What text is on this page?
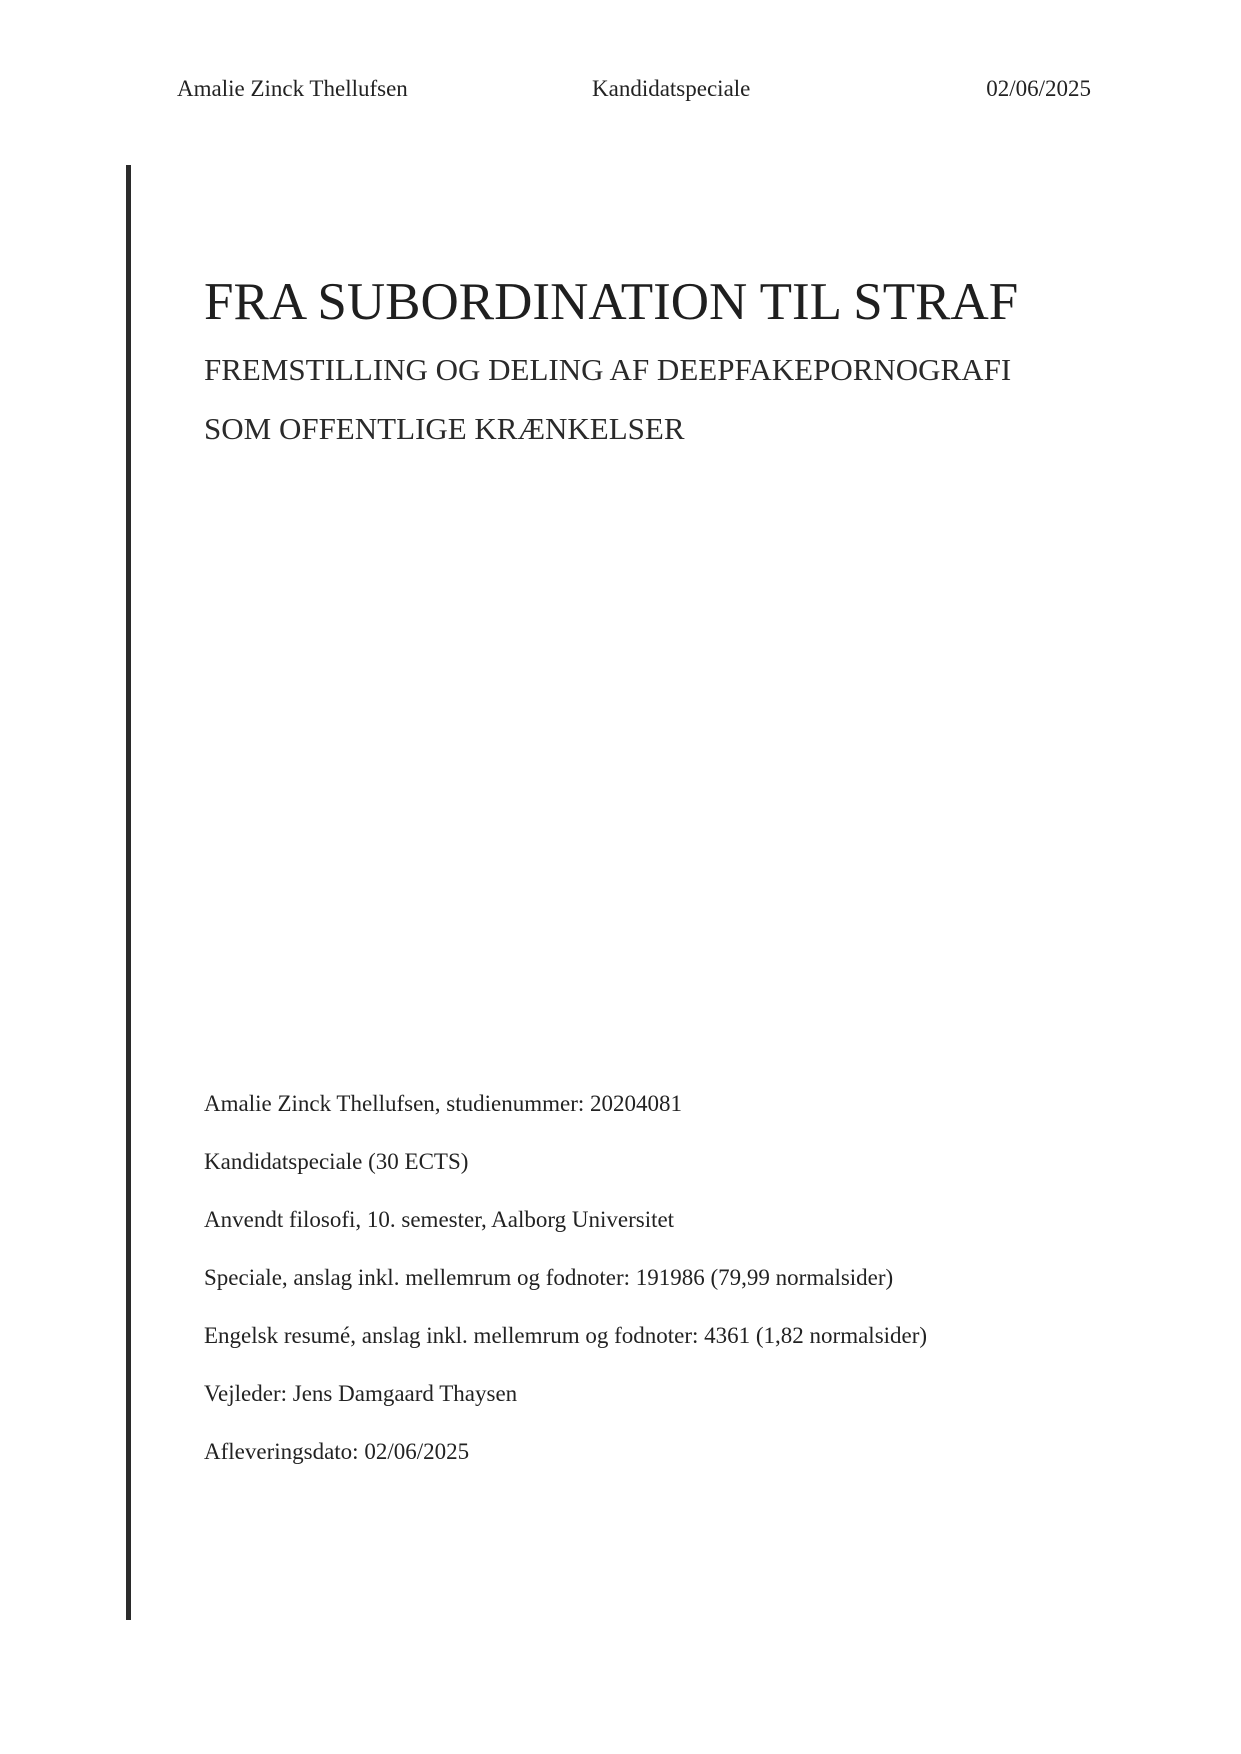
Amalie Zinck Thellufsen	Kandidatspeciale	02/06/2025
FRA SUBORDINATION TIL STRAF
FREMSTILLING OG DELING AF DEEPFAKEPORNOGRAFI
SOM OFFENTLIGE KRÆNKELSER
Amalie Zinck Thellufsen, studienummer: 20204081
Kandidatspeciale (30 ECTS)
Anvendt filosofi, 10. semester, Aalborg Universitet
Speciale, anslag inkl. mellemrum og fodnoter: 191986 (79,99 normalsider)
Engelsk resumé, anslag inkl. mellemrum og fodnoter: 4361 (1,82 normalsider)
Vejleder: Jens Damgaard Thaysen
Afleveringsdato: 02/06/2025
